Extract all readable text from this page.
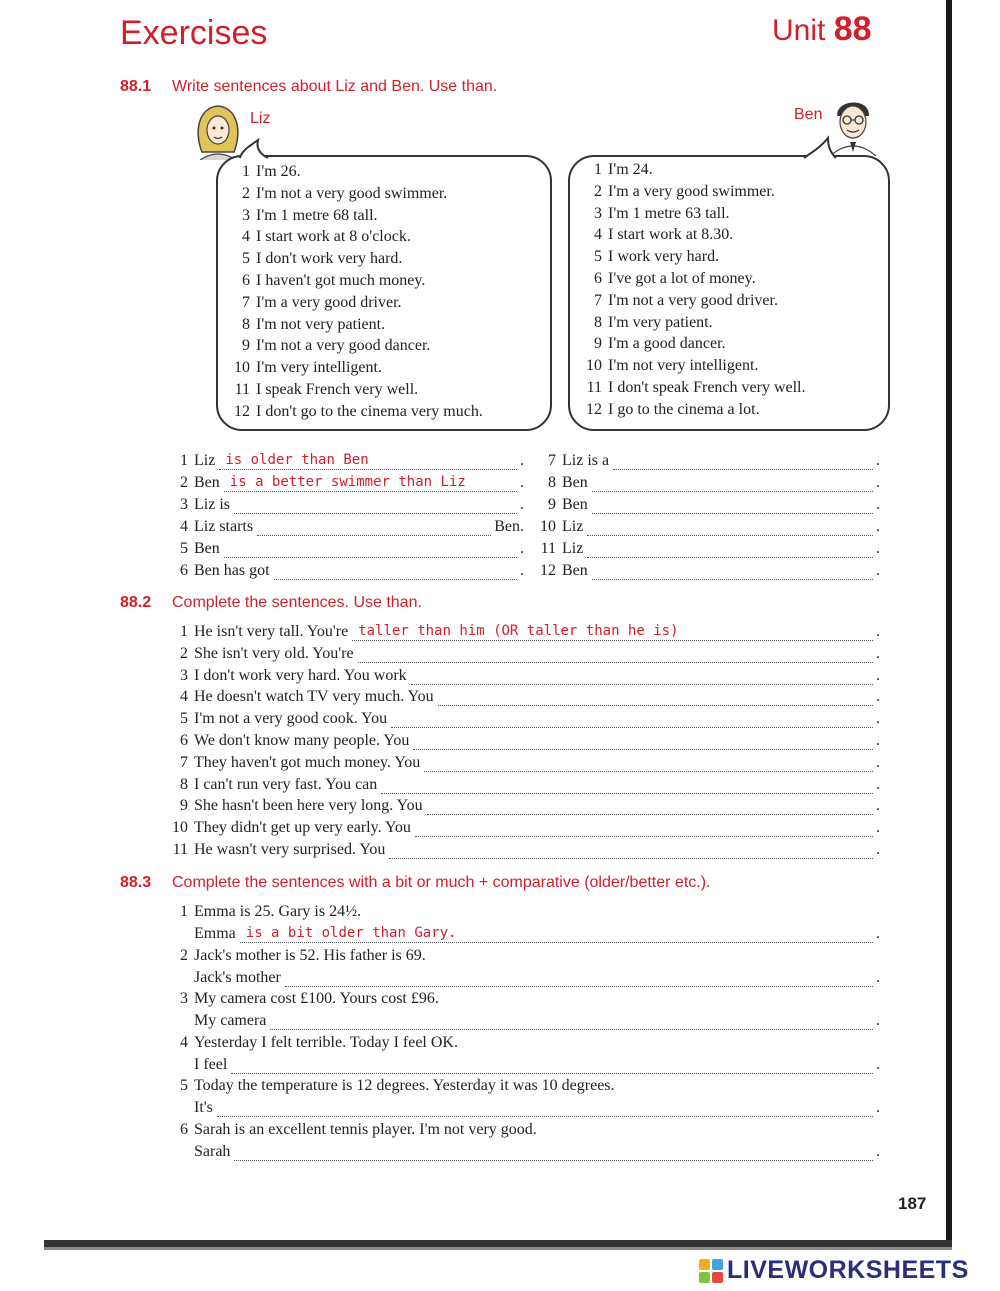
Exercises	Unit 88
88.1 Write sentences about Liz and Ben. Use than.
Liz	Ben
1 I'm 26.
2 I'm not a very good swimmer.
3 I'm 1 metre 68 tall.
4 I start work at 8 o'clock.
5 I don't work very hard.
6 I haven't got much money.
7 I'm a very good driver.
8 I'm not very patient.
9 I'm not a very good dancer.
10 I'm very intelligent.
11 I speak French very well.
12 I don't go to the cinema very much.
1 I'm 24.
2 I'm a very good swimmer.
3 I'm 1 metre 63 tall.
4 I start work at 8.30.
5 I work very hard.
6 I've got a lot of money.
7 I'm not a very good driver.
8 I'm very patient.
9 I'm a good dancer.
10 I'm not very intelligent.
11 I don't speak French very well.
12 I go to the cinema a lot.
1 Liz is older than Ben	.
2 Ben is a better swimmer than Liz	.
3 Liz is	.
4 Liz starts	Ben.
5 Ben	.
6 Ben has got	.
7 Liz is a	.
8 Ben	.
9 Ben	.
10 Liz	.
11 Liz	.
12 Ben	.
88.2 Complete the sentences. Use than.
1 He isn't very tall. You're taller than him (OR taller than he is)	.
2 She isn't very old. You're	.
3 I don't work very hard. You work	.
4 He doesn't watch TV very much. You	.
5 I'm not a very good cook. You	.
6 We don't know many people. You	.
7 They haven't got much money. You	.
8 I can't run very fast. You can	.
9 She hasn't been here very long. You	.
10 They didn't get up very early. You	.
11 He wasn't very surprised. You	.
88.3 Complete the sentences with a bit or much + comparative (older/better etc.).
1 Emma is 25. Gary is 24½.
Emma is a bit older than Gary.	.
2 Jack's mother is 52. His father is 69.
Jack's mother	.
3 My camera cost £100. Yours cost £96.
My camera	.
4 Yesterday I felt terrible. Today I feel OK.
I feel	.
5 Today the temperature is 12 degrees. Yesterday it was 10 degrees.
It's	.
6 Sarah is an excellent tennis player. I'm not very good.
Sarah	.
187
LIVEWORKSHEETS
